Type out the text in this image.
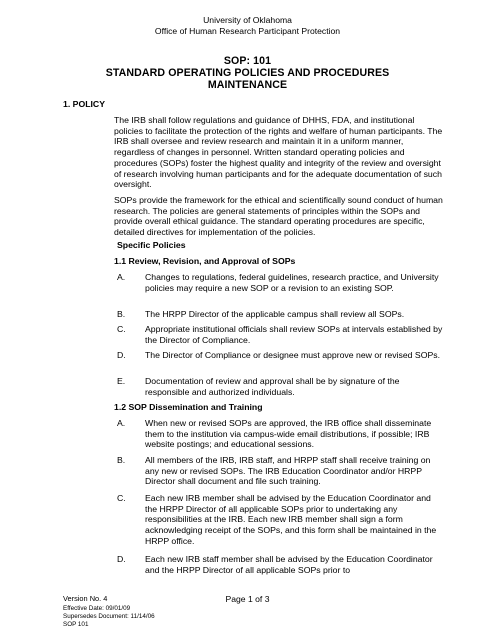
University of Oklahoma
Office of Human Research Participant Protection
SOP: 101
STANDARD OPERATING POLICIES AND PROCEDURES
MAINTENANCE
1. POLICY

The IRB shall follow regulations and guidance of DHHS, FDA, and institutional policies to facilitate the protection of the rights and welfare of human participants. The IRB shall oversee and review research and maintain it in a uniform manner, regardless of changes in personnel. Written standard operating policies and procedures (SOPs) foster the highest quality and integrity of the review and oversight of research involving human participants and for the adequate documentation of such oversight.

SOPs provide the framework for the ethical and scientifically sound conduct of human research. The policies are general statements of principles within the SOPs and provide overall ethical guidance. The standard operating procedures are specific, detailed directives for implementation of the policies.

Specific Policies
1.1 Review, Revision, and Approval of SOPs
A. Changes to regulations, federal guidelines, research practice, and University policies may require a new SOP or a revision to an existing SOP.
B. The HRPP Director of the applicable campus shall review all SOPs.
C. Appropriate institutional officials shall review SOPs at intervals established by the Director of Compliance.
D. The Director of Compliance or designee must approve new or revised SOPs.
E. Documentation of review and approval shall be by signature of the responsible and authorized individuals.
1.2 SOP Dissemination and Training
A. When new or revised SOPs are approved, the IRB office shall disseminate them to the institution via campus-wide email distributions, if possible; IRB website postings; and educational sessions.
B. All members of the IRB, IRB staff, and HRPP staff shall receive training on any new or revised SOPs. The IRB Education Coordinator and/or HRPP Director shall document and file such training.
C. Each new IRB member shall be advised by the Education Coordinator and the HRPP Director of all applicable SOPs prior to undertaking any responsibilities at the IRB. Each new IRB member shall sign a form acknowledging receipt of the SOPs, and this form shall be maintained in the HRPP office.
D. Each new IRB staff member shall be advised by the Education Coordinator and the HRPP Director of all applicable SOPs prior to
Version No. 4	Page 1 of 3
Effective Date: 09/01/09
Supersedes Document: 11/14/06
SOP 101
